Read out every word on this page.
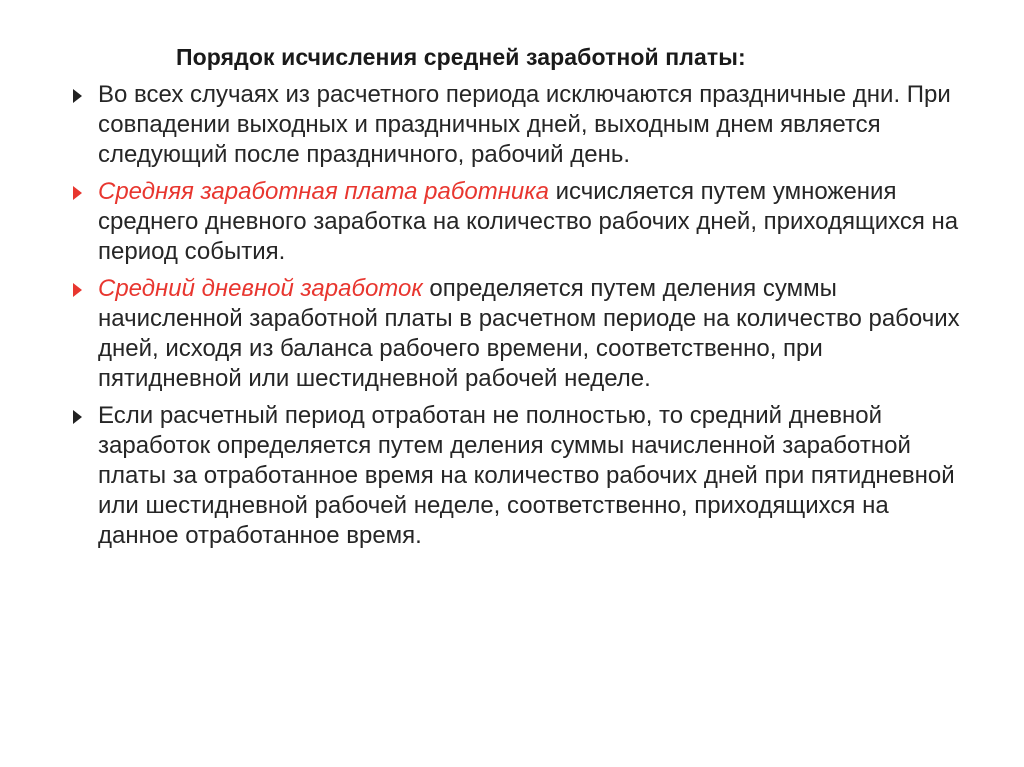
Порядок исчисления средней заработной платы:
Во всех случаях из расчетного периода исключаются праздничные дни. При совпадении выходных и праздничных дней, выходным днем является следующий после праздничного, рабочий день.
Средняя заработная плата работника исчисляется путем умножения среднего дневного заработка на количество рабочих дней, приходящихся на период события.
Средний дневной заработок определяется путем деления суммы начисленной заработной платы в расчетном периоде на количество рабочих дней, исходя из баланса рабочего времени, соответственно, при пятидневной или шестидневной рабочей неделе.
Если расчетный период отработан не полностью, то средний дневной заработок определяется путем деления суммы начисленной заработной платы за отработанное время на количество рабочих дней при пятидневной или шестидневной рабочей неделе, соответственно, приходящихся на данное отработанное время.
